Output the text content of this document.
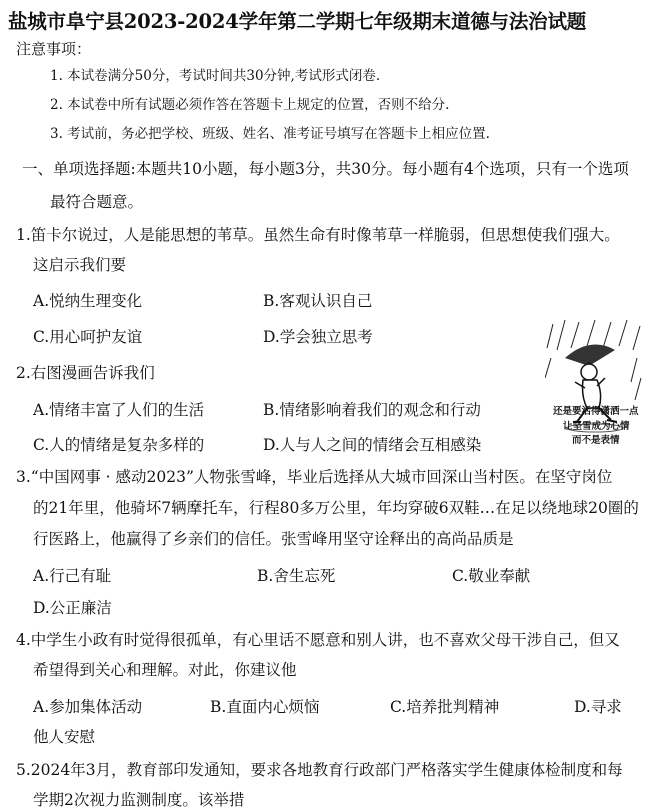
盐城市阜宁县2023-2024学年第二学期七年级期末道德与法治试题
注意事项：
1. 本试卷满分50分，考试时间共30分钟,考试形式闭卷.
2. 本试卷中所有试题必须作答在答题卡上规定的位置，否则不给分.
3. 考试前，务必把学校、班级、姓名、准考证号填写在答题卡上相应位置.
一、单项选择题:本题共10小题，每小题3分，共30分。每小题有4个选项，只有一个选项
最符合题意。
1.笛卡尔说过，人是能思想的苇草。虽然生命有时像苇草一样脆弱，但思想使我们强大。
这启示我们要
A.悦纳生理变化	B.客观认识自己
C.用心呵护友谊	D.学会独立思考
2.右图漫画告诉我们
A.情绪丰富了人们的生活	B.情绪影响着我们的观念和行动
C.人的情绪是复杂多样的	D.人与人之间的情绪会互相感染
还是要活得潇洒一点
让坚雪成为心情
而不是表情
3.“中国网事 · 感动2023”人物张雪峰，毕业后选择从大城市回深山当村医。在坚守岗位
的21年里，他骑坏7辆摩托车，行程80多万公里，年均穿破6双鞋…在足以绕地球20圈的
行医路上，他赢得了乡亲们的信任。张雪峰用坚守诠释出的高尚品质是
A.行己有耻	B.舍生忘死	C.敬业奉献
D.公正廉洁
4.中学生小政有时觉得很孤单，有心里话不愿意和别人讲，也不喜欢父母干涉自己，但又
希望得到关心和理解。对此，你建议他
A.参加集体活动	B.直面内心烦恼	C.培养批判精神	D.寻求
他人安慰
5.2024年3月，教育部印发通知，要求各地教育行政部门严格落实学生健康体检制度和每
学期2次视力监测制度。该举措
